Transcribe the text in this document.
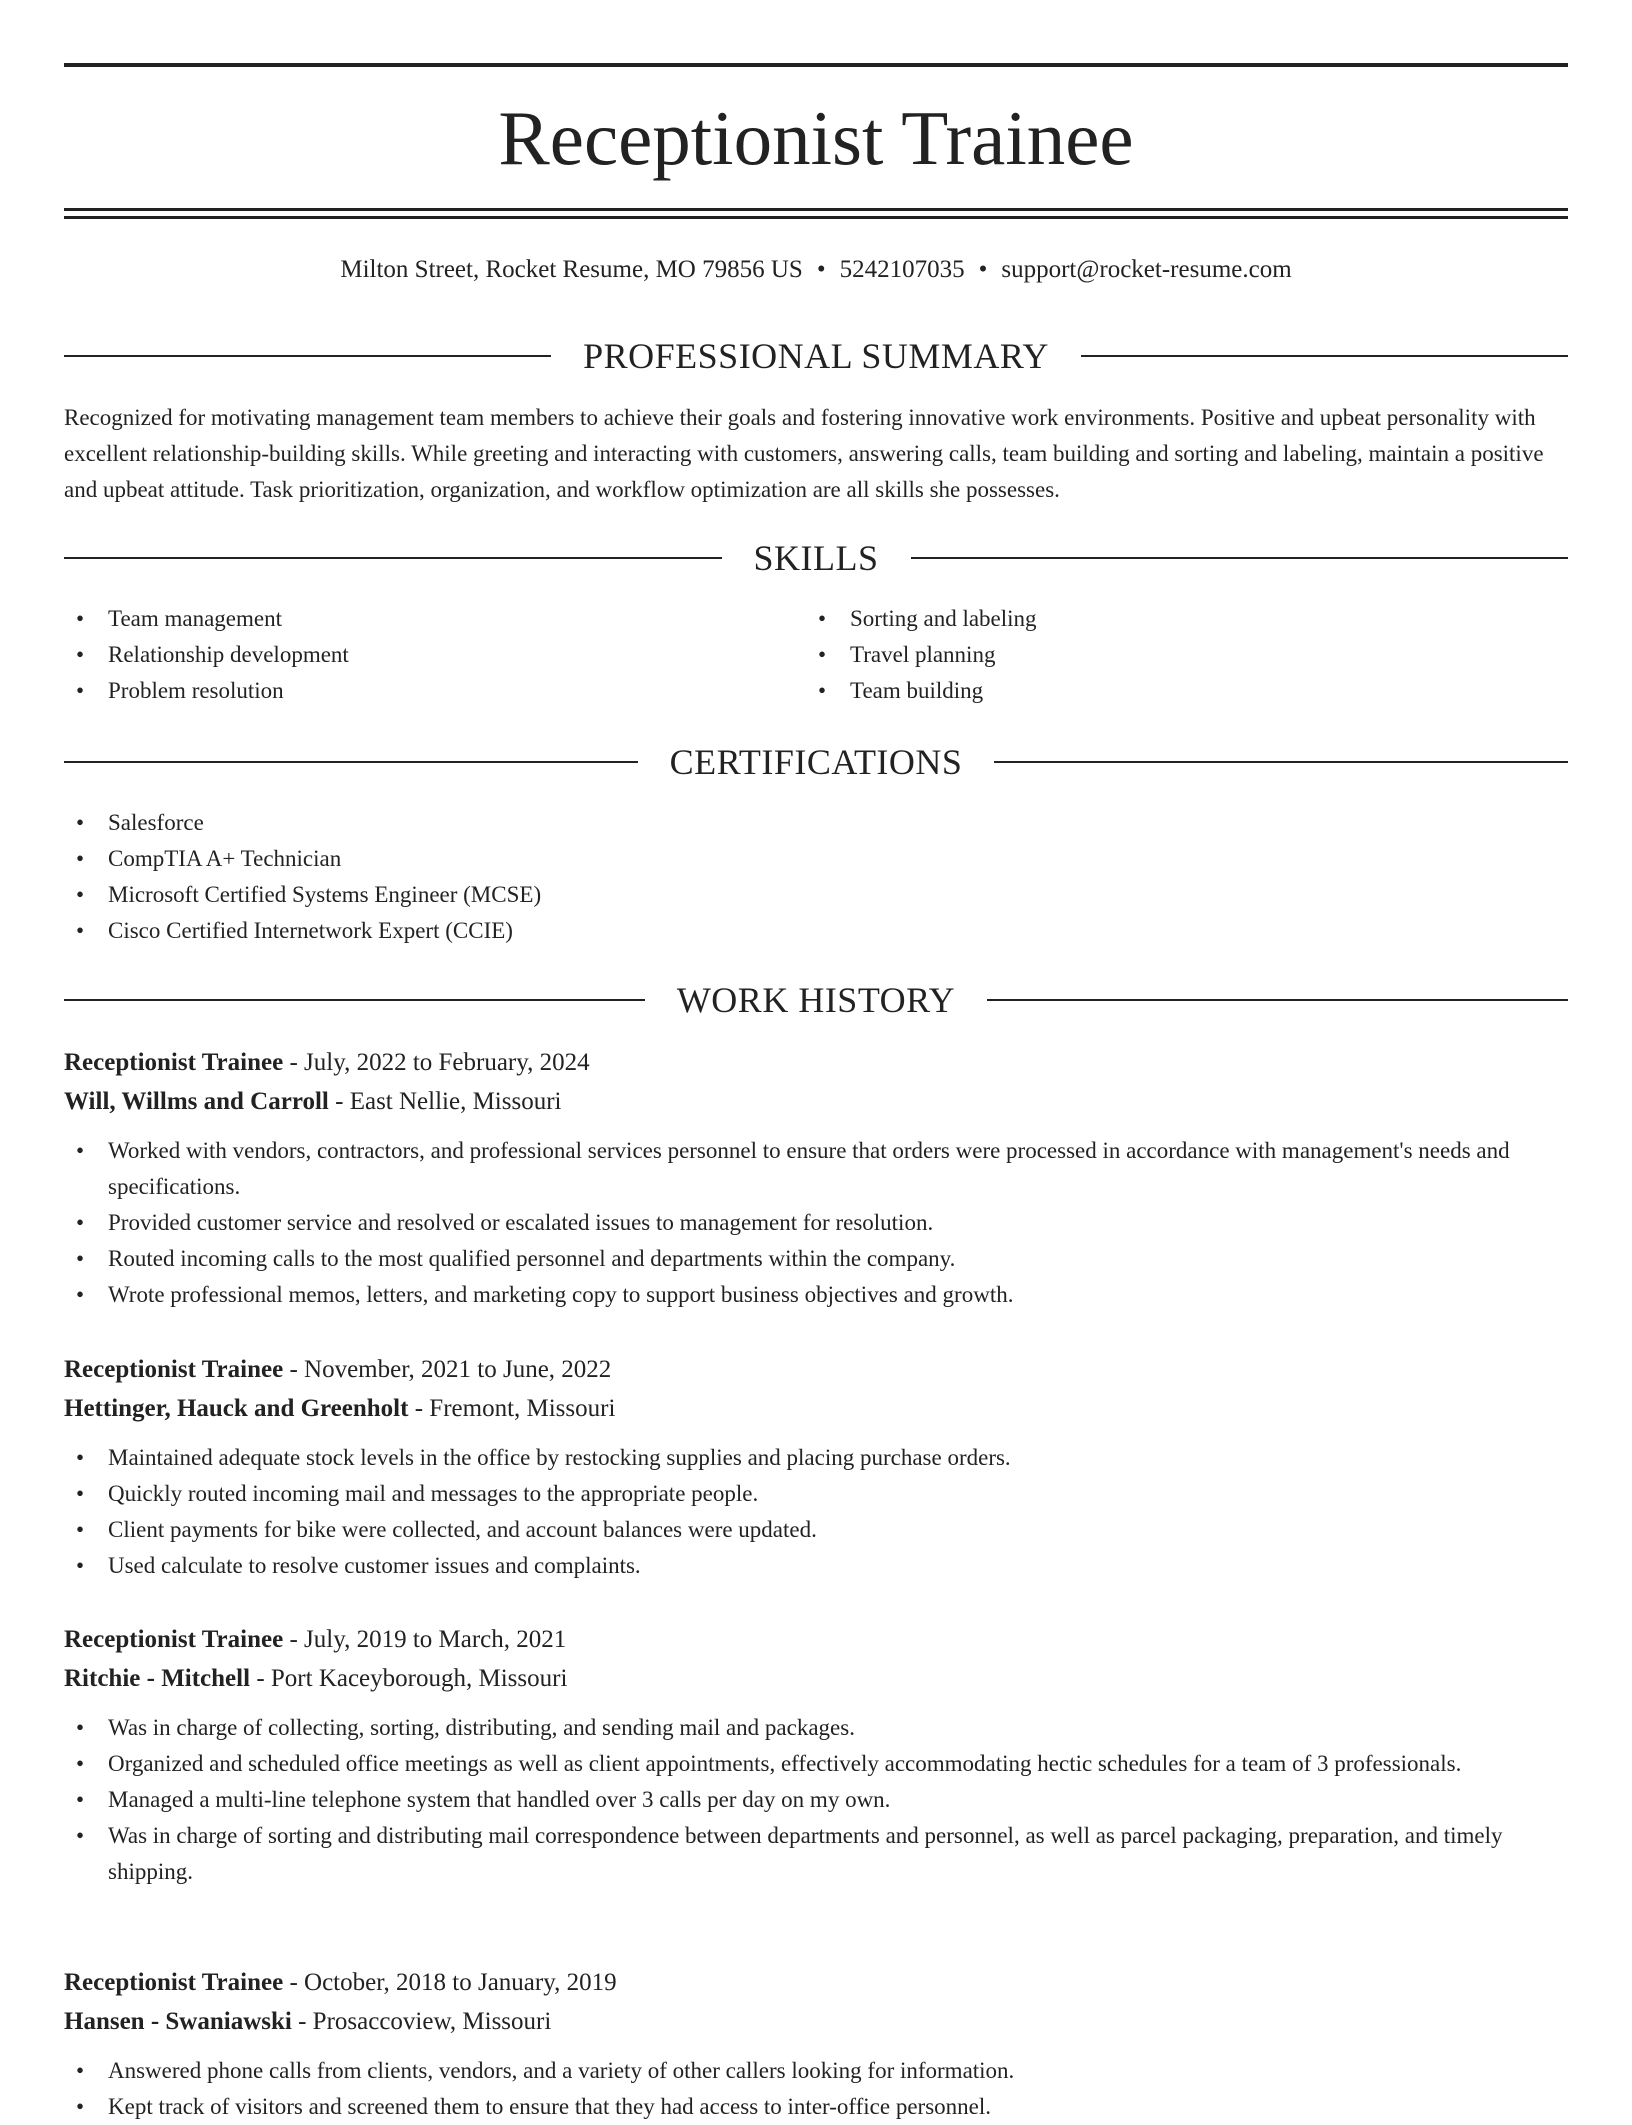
Receptionist Trainee
Milton Street, Rocket Resume, MO 79856 US • 5242107035 • support@rocket-resume.com
PROFESSIONAL SUMMARY

Recognized for motivating management team members to achieve their goals and fostering innovative work environments. Positive and upbeat personality with excellent relationship-building skills. While greeting and interacting with customers, answering calls, team building and sorting and labeling, maintain a positive and upbeat attitude. Task prioritization, organization, and workflow optimization are all skills she possesses.

SKILLS
• Team management
• Relationship development
• Problem resolution
• Sorting and labeling
• Travel planning
• Team building
CERTIFICATIONS
• Salesforce
• CompTIA A+ Technician
• Microsoft Certified Systems Engineer (MCSE)
• Cisco Certified Internetwork Expert (CCIE)
WORK HISTORY
Receptionist Trainee - July, 2022 to February, 2024
Will, Willms and Carroll - East Nellie, Missouri
• Worked with vendors, contractors, and professional services personnel to ensure that orders were processed in accordance with management's needs and specifications.
• Provided customer service and resolved or escalated issues to management for resolution.
• Routed incoming calls to the most qualified personnel and departments within the company.
• Wrote professional memos, letters, and marketing copy to support business objectives and growth.
Receptionist Trainee - November, 2021 to June, 2022
Hettinger, Hauck and Greenholt - Fremont, Missouri
• Maintained adequate stock levels in the office by restocking supplies and placing purchase orders.
• Quickly routed incoming mail and messages to the appropriate people.
• Client payments for bike were collected, and account balances were updated.
• Used calculate to resolve customer issues and complaints.
Receptionist Trainee - July, 2019 to March, 2021
Ritchie - Mitchell - Port Kaceyborough, Missouri
• Was in charge of collecting, sorting, distributing, and sending mail and packages.
• Organized and scheduled office meetings as well as client appointments, effectively accommodating hectic schedules for a team of 3 professionals.
• Managed a multi-line telephone system that handled over 3 calls per day on my own.
• Was in charge of sorting and distributing mail correspondence between departments and personnel, as well as parcel packaging, preparation, and timely shipping.
Receptionist Trainee - October, 2018 to January, 2019
Hansen - Swaniawski - Prosaccoview, Missouri
• Answered phone calls from clients, vendors, and a variety of other callers looking for information.
• Kept track of visitors and screened them to ensure that they had access to inter-office personnel.
